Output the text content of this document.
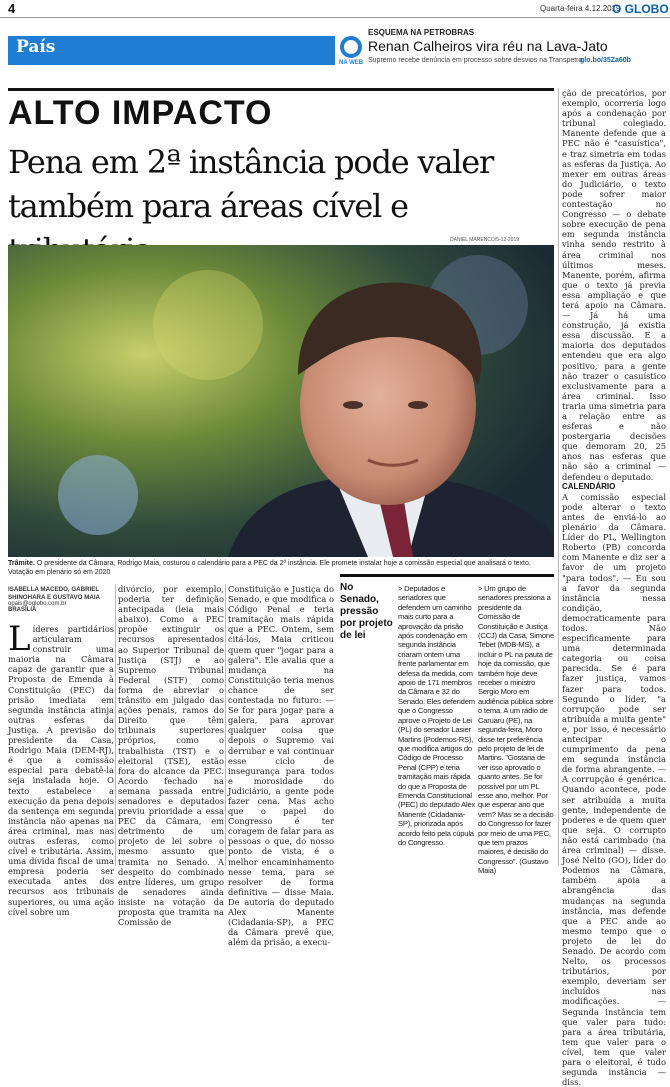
4	Quarta-feira 4.12.2019
O GLOBO
País
NA WEB
ESQUEMA NA PETROBRAS
Renan Calheiros vira réu na Lava-Jato
Supremo recebe denúncia em processo sobre desvios na Transpetro.
glo.bo/35Za60b
ALTO IMPACTO
Pena em 2ª instância pode valer também para áreas cível e
DANIEL MARENCO/5-12-2019
Trâmite. O presidente da Câmara, Rodrigo Maia, costurou o calendário para a PEC da 2ª instância. Ele promete instalar hoje a comissão especial que analisará o texto. Votação em plenário só em 2020
ISABELLA MACEDO, GABRIEL SHINOHARA E GUSTAVO MAIA
opais@oglobo.com.br
BRASÍLIA
L íderes partidários articularam construir uma maioria na Câmara capaz de garantir que a Proposta de Emenda à Constituição (PEC) da prisão imediata em segunda instância atinja outras esferas da Justiça. A previsão do presidente da Casa, Rodrigo Maia (DEM-RJ), é que a comissão especial para debatê-la seja instalada hoje. O texto estabelece a execução da pena depois da sentença em segunda instância não apenas na área criminal, mas nas outras esferas, como cível e tributária. Assim, uma dívida fiscal de uma empresa poderia ser executada antes dos recursos aos tribunais superiores, ou uma ação cível sobre um
divórcio, por exemplo, poderia ter definição antecipada (leia mais abaixo). Como a PEC propõe extinguir os recursos apresentados ao Superior Tribunal de Justiça (STJ) e ao Supremo Tribunal Federal (STF) como forma de abreviar o trânsito em julgado das ações penais, ramos do Direito que têm tribunais superiores próprios, como o trabalhista (TST) e o eleitoral (TSE), estão fora do alcance da PEC. Acordo fechado na semana passada entre senadores e deputados previu prioridade a essa PEC da Câmara, em detrimento de um projeto de lei sobre o mesmo assunto que tramita no Senado. A despeito do combinado entre líderes, um grupo de senadores ainda insiste na votação da proposta que tramita na Comissão de
Constituição e Justiça do Senado, e que modifica o Código Penal e teria tramitação mais rápida que a PEC. Ontem, sem citá-los, Maia criticou quem quer "jogar para a galera". Ele avalia que a mudança na Constituição teria menos chance de ser contestada no futuro: — Se for para jogar para a galera, para aprovar qualquer coisa que depois o Supremo vai derrubar e vai continuar esse ciclo de insegurança para todos e morosidade do Judiciário, a gente pode fazer cena. Mas acho que o papel do Congresso é ter coragem de falar para as pessoas o que, do nosso ponto de vista, é o melhor encaminhamento nesse tema, para se resolver de forma definitiva — disse Maia. De autoria do deputado Alex Manente (Cidadania-SP), a PEC da Câmara prevê que, além da prisão, a execu-
No Senado, pressão por projeto de lei
> Deputados e senadores que defendem um caminho mais curto para a aprovação da prisão após condenação em segunda instância criaram ontem uma frente parlamentar em defesa da medida, com apoio de 171 membros da Câmara e 32 do Senado. Eles defendem que o Congresso aprove o Projeto de Lei (PL) do senador Lasier Martins (Podemos-RS), que modifica artigos do Código de Processo Penal (CPP) e teria tramitação mais rápida do que a Proposta de Emenda Constitucional (PEC) do deputado Alex Manente (Cidadania-SP), priorizada após acordo feito pela cúpula do Congresso.
> Um grupo de senadores pressiona a presidente da Comissão de Constituição e Justiça (CCJ) da Casa, Simone Tebet (MDB-MS), a incluir o PL na pauta de hoje da comissão, que também hoje deve receber o ministro Sergio Moro em audiência pública sobre o tema. A um rádio de Caruaru (PE), na segunda-feira, Moro disse ter preferência pelo projeto de lei de Martins. "Gostaria de ver isso aprovado o quanto antes. Se for possível por um PL esse ano, melhor. Por que esperar ano que vem? Mas se a decisão do Congresso for fazer por meio de uma PEC, que tem prazos maiores, é decisão do Congresso". (Gustavo Maia)

ção de precatórios, por exemplo, ocorreria logo após a condenação por tribunal colegiado. Manente defende que a PEC não é "casuística", e traz simetria em todas as esferas da Justiça. Ao mexer em outras áreas do Judiciário, o texto pode sofrer maior contestação no Congresso — o debate sobre execução de pena em segunda instância vinha sendo restrito à área criminal nos últimos meses. Manente, porém, afirma que o texto já previa essa ampliação e que terá apoio na Câmara. — Já há uma construção, já existia essa discussão. E a maioria dos deputados entendeu que era algo positivo, para a gente não trazer o casuístico exclusivamente para a área criminal. Isso traria uma simetria para a relação entre as esferas e não postergaria decisões que demoram 20, 25 anos nas esferas que não são a criminal — defendeu o deputado.

CALENDÁRIO

A comissão especial pode alterar o texto antes de enviá-lo ao plenário da Câmara. Líder do PL, Wellington Roberto (PB) concorda com Manente e diz ser a favor de um projeto "para todos". — Eu sou a favor da segunda instância nessa condição, democraticamente para todos. Não especificamente para uma determinada categoria ou coisa parecida. Se é para fazer justiça, vamos fazer para todos. Segundo o líder, "a corrupção pode ser atribuída a muita gente" e, por isso, é necessário antecipar o cumprimento da pena em segunda instância de forma abrangente. — A corrupção é genérica. Quando acontece, pode ser atribuída a muita gente, independente de poderes e de quem quer que seja. O corrupto não está carimbado (na área criminal) — disse. José Nelto (GO), líder do Podemos na Câmara, também apoia a abrangência das mudanças na segunda instância, mas defende que a PEC ande ao mesmo tempo que o projeto de lei do Senado. De acordo com Nelto, os processos tributários, por exemplo, deveriam ser incluídos nas modificações. — Segunda instância tem que valer para tudo: para a área tributária, tem que valer para o cível, tem que valer para o eleitoral, é tudo segunda instância — diss.
